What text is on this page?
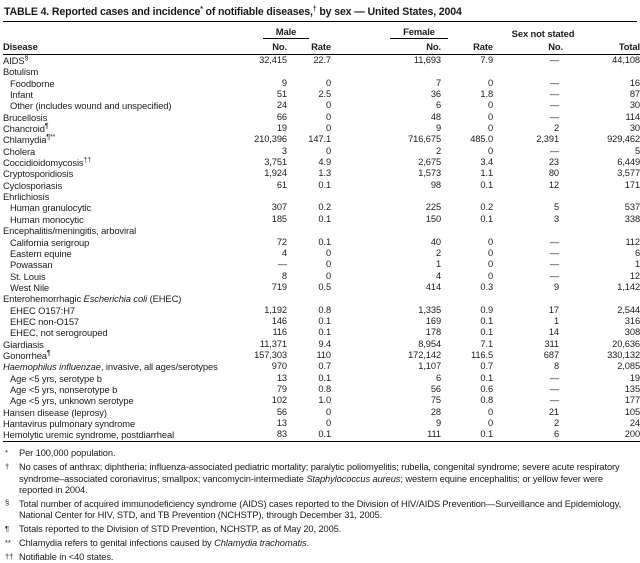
TABLE 4. Reported cases and incidence* of notifiable diseases,† by sex — United States, 2004
	Male		Female		Sex not stated	
Disease	No.	Rate	No.	Rate	No.	Total
AIDS§	32,415	22.7	11,693	7.9	—	44,108
Botulism						
Foodborne	9	0	7	0	—	16
Infant	51	2.5	36	1.8	—	87
Other (includes wound and unspecified)	24	0	6	0	—	30
Brucellosis	66	0	48	0	—	114
Chancroid¶	19	0	9	0	2	30
Chlamydia¶**	210,396	147.1	716,675	485.0	2,391	929,462
Cholera	3	0	2	0	—	5
Coccidioidomycosis††	3,751	4.9	2,675	3.4	23	6,449
Cryptosporidiosis	1,924	1.3	1,573	1.1	80	3,577
Cyclosporiasis	61	0.1	98	0.1	12	171
Ehrlichiosis						
Human granulocytic	307	0.2	225	0.2	5	537
Human monocytic	185	0.1	150	0.1	3	338
Encephalitis/meningitis, arboviral						
California serigroup	72	0.1	40	0	—	112
Eastern equine	4	0	2	0	—	6
Powassan	—	0	1	0	—	1
St. Louis	8	0	4	0	—	12
West Nile	719	0.5	414	0.3	9	1,142
Enterohemorrhagic Escherichia coli (EHEC)						
EHEC O157:H7	1,192	0.8	1,335	0.9	17	2,544
EHEC non-O157	146	0.1	169	0.1	1	316
EHEC, not serogrouped	116	0.1	178	0.1	14	308
Giardiasis	11,371	9.4	8,954	7.1	311	20,636
Gonorrhea¶	157,303	110	172,142	116.5	687	330,132
Haemophilus influenzae, invasive, all ages/serotypes	970	0.7	1,107	0.7	8	2,085
Age <5 yrs, serotype b	13	0.1	6	0.1	—	19
Age <5 yrs, nonserotype b	79	0.8	56	0.6	—	135
Age <5 yrs, unknown serotype	102	1.0	75	0.8	—	177
Hansen disease (leprosy)	56	0	28	0	21	105
Hantavirus pulmonary syndrome	13	0	9	0	2	24
Hemolytic uremic syndrome, postdiarrheal	83	0.1	111	0.1	6	200
* Per 100,000 population.
† No cases of anthrax; diphtheria; influenza-associated pediatric mortality; paralytic poliomyelitis; rubella, congenital syndrome; severe acute respiratory syndrome–associated coronavirus; smallpox; vancomycin-intermediate Staphylococcus aureus; western equine encephalitis; or yellow fever were reported in 2004.
§ Total number of acquired immunodeficiency syndrome (AIDS) cases reported to the Division of HIV/AIDS Prevention—Surveillance and Epidemiology, National Center for HIV, STD, and TB Prevention (NCHSTP), through December 31, 2005.
¶ Totals reported to the Division of STD Prevention, NCHSTP, as of May 20, 2005.
** Chlamydia refers to genital infections caused by Chlamydia trachomatis.
†† Notifiable in <40 states.
